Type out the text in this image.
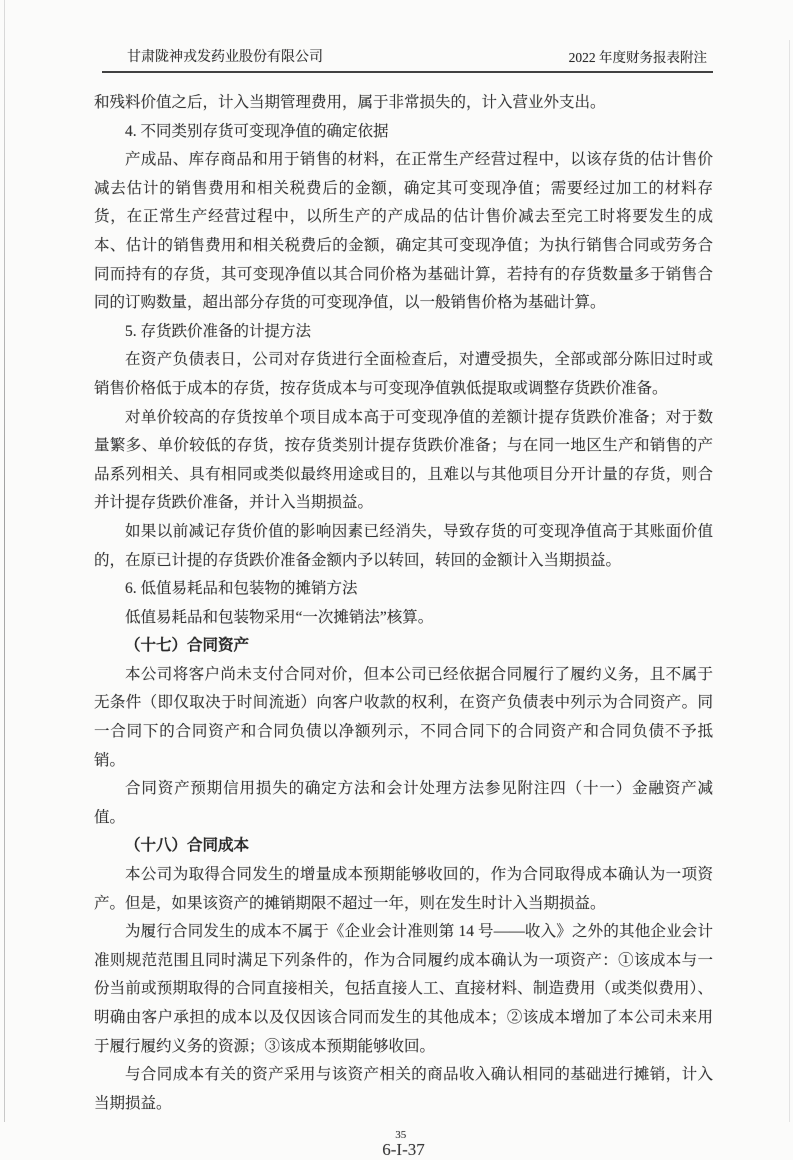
甘肃陇神戎发药业股份有限公司	2022 年度财务报表附注

和残料价值之后，计入当期管理费用，属于非常损失的，计入营业外支出。

4. 不同类别存货可变现净值的确定依据

产成品、库存商品和用于销售的材料，在正常生产经营过程中，以该存货的估计售价减去估计的销售费用和相关税费后的金额，确定其可变现净值；需要经过加工的材料存货，在正常生产经营过程中，以所生产的产成品的估计售价减去至完工时将要发生的成本、估计的销售费用和相关税费后的金额，确定其可变现净值；为执行销售合同或劳务合同而持有的存货，其可变现净值以其合同价格为基础计算，若持有的存货数量多于销售合同的订购数量，超出部分存货的可变现净值，以一般销售价格为基础计算。

5. 存货跌价准备的计提方法

在资产负债表日，公司对存货进行全面检查后，对遭受损失，全部或部分陈旧过时或销售价格低于成本的存货，按存货成本与可变现净值孰低提取或调整存货跌价准备。

对单价较高的存货按单个项目成本高于可变现净值的差额计提存货跌价准备；对于数量繁多、单价较低的存货，按存货类别计提存货跌价准备；与在同一地区生产和销售的产品系列相关、具有相同或类似最终用途或目的，且难以与其他项目分开计量的存货，则合并计提存货跌价准备，并计入当期损益。

如果以前减记存货价值的影响因素已经消失，导致存货的可变现净值高于其账面价值的，在原已计提的存货跌价准备金额内予以转回，转回的金额计入当期损益。

6. 低值易耗品和包装物的摊销方法

低值易耗品和包装物采用“一次摊销法”核算。

（十七）合同资产

本公司将客户尚未支付合同对价，但本公司已经依据合同履行了履约义务，且不属于无条件（即仅取决于时间流逝）向客户收款的权利，在资产负债表中列示为合同资产。同一合同下的合同资产和合同负债以净额列示，不同合同下的合同资产和合同负债不予抵销。

合同资产预期信用损失的确定方法和会计处理方法参见附注四（十一）金融资产减值。

（十八）合同成本

本公司为取得合同发生的增量成本预期能够收回的，作为合同取得成本确认为一项资产。但是，如果该资产的摊销期限不超过一年，则在发生时计入当期损益。

为履行合同发生的成本不属于《企业会计准则第 14 号——收入》之外的其他企业会计准则规范范围且同时满足下列条件的，作为合同履约成本确认为一项资产：①该成本与一份当前或预期取得的合同直接相关，包括直接人工、直接材料、制造费用（或类似费用）、明确由客户承担的成本以及仅因该合同而发生的其他成本；②该成本增加了本公司未来用于履行履约义务的资源；③该成本预期能够收回。

与合同成本有关的资产采用与该资产相关的商品收入确认相同的基础进行摊销，计入当期损益。

35
6-I-37
